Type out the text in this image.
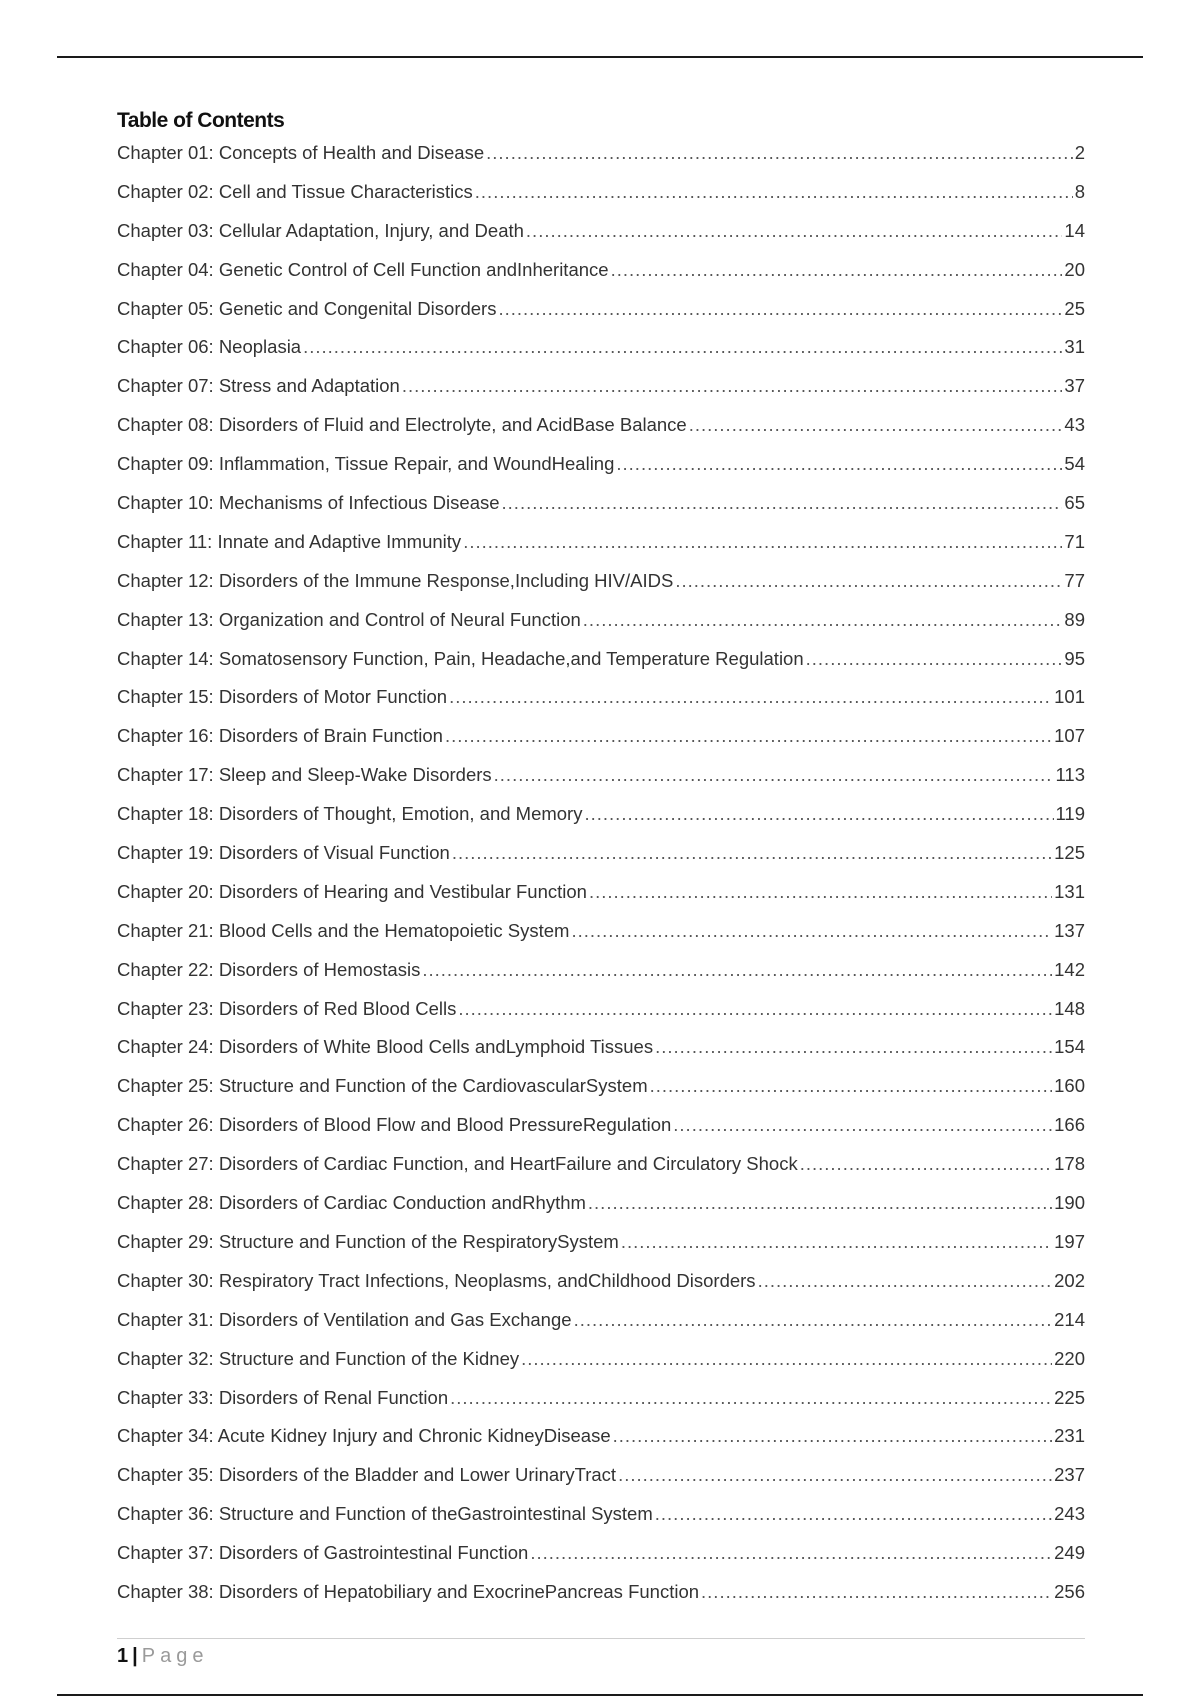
Table of Contents
Chapter 01: Concepts of Health and Disease .....	2
Chapter 02: Cell and Tissue Characteristics .....	8
Chapter 03: Cellular Adaptation, Injury, and Death .....	14
Chapter 04: Genetic Control of Cell Function andInheritance .....	20
Chapter 05: Genetic and Congenital Disorders .....	25
Chapter 06: Neoplasia .....	31
Chapter 07: Stress and Adaptation .....	37
Chapter 08: Disorders of Fluid and Electrolyte, and AcidBase Balance .....	43
Chapter 09: Inflammation, Tissue Repair, and WoundHealing .....	54
Chapter 10: Mechanisms of Infectious Disease .....	65
Chapter 11: Innate and Adaptive Immunity .....	71
Chapter 12: Disorders of the Immune Response,Including HIV/AIDS .....	77
Chapter 13: Organization and Control of Neural Function .....	89
Chapter 14: Somatosensory Function, Pain, Headache,and Temperature Regulation .....	95
Chapter 15: Disorders of Motor Function .....	101
Chapter 16: Disorders of Brain Function .....	107
Chapter 17: Sleep and Sleep-Wake Disorders .....	113
Chapter 18: Disorders of Thought, Emotion, and Memory .....	119
Chapter 19: Disorders of Visual Function .....	125
Chapter 20: Disorders of Hearing and Vestibular Function .....	131
Chapter 21: Blood Cells and the Hematopoietic System .....	137
Chapter 22: Disorders of Hemostasis .....	142
Chapter 23: Disorders of Red Blood Cells .....	148
Chapter 24: Disorders of White Blood Cells andLymphoid Tissues .....	154
Chapter 25: Structure and Function of the CardiovascularSystem .....	160
Chapter 26: Disorders of Blood Flow and Blood PressureRegulation .....	166
Chapter 27: Disorders of Cardiac Function, and HeartFailure and Circulatory Shock .....	178
Chapter 28: Disorders of Cardiac Conduction andRhythm .....	190
Chapter 29: Structure and Function of the RespiratorySystem .....	197
Chapter 30: Respiratory Tract Infections, Neoplasms, andChildhood Disorders .....	202
Chapter 31: Disorders of Ventilation and Gas Exchange .....	214
Chapter 32: Structure and Function of the Kidney .....	220
Chapter 33: Disorders of Renal Function .....	225
Chapter 34: Acute Kidney Injury and Chronic KidneyDisease .....	231
Chapter 35: Disorders of the Bladder and Lower UrinaryTract .....	237
Chapter 36: Structure and Function of theGastrointestinal System .....	243
Chapter 37: Disorders of Gastrointestinal Function .....	249
Chapter 38: Disorders of Hepatobiliary and ExocrinePancreas Function .....	256
1 | Page
